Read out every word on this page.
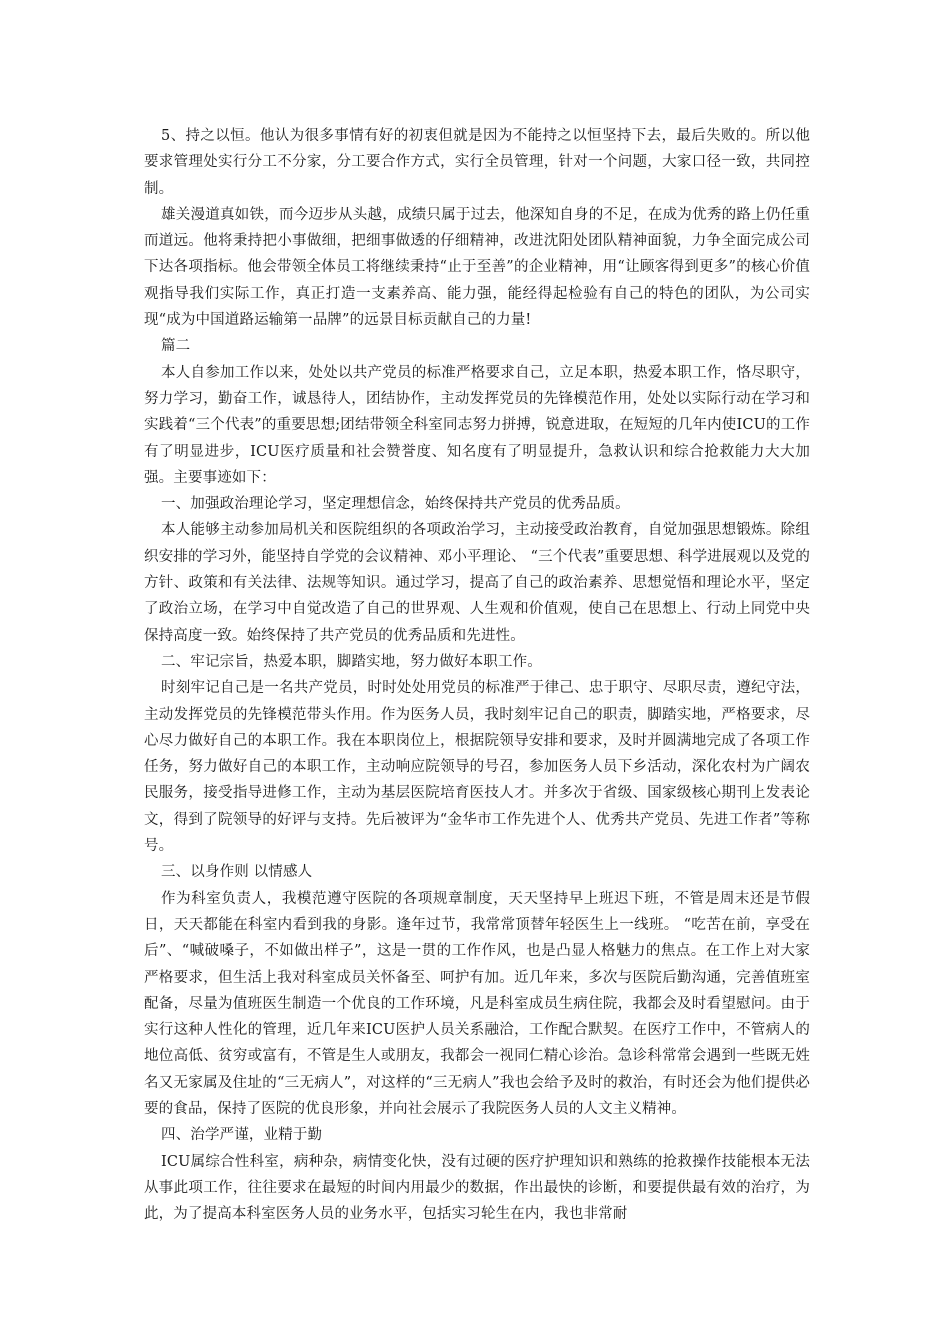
5、持之以恒。他认为很多事情有好的初衷但就是因为不能持之以恒坚持下去，最后失败的。所以他要求管理处实行分工不分家，分工要合作方式，实行全员管理，针对一个问题，大家口径一致，共同控制。

雄关漫道真如铁，而今迈步从头越，成绩只属于过去，他深知自身的不足，在成为优秀的路上仍任重而道远。他将秉持把小事做细，把细事做透的仔细精神，改进沈阳处团队精神面貌，力争全面完成公司下达各项指标。他会带领全体员工将继续秉持“止于至善”的企业精神，用“让顾客得到更多”的核心价值观指导我们实际工作，真正打造一支素养高、能力强，能经得起检验有自己的特色的团队，为公司实现“成为中国道路运输第一品牌”的远景目标贡献自己的力量!

篇二

本人自参加工作以来，处处以共产党员的标准严格要求自己，立足本职，热爱本职工作，恪尽职守，努力学习，勤奋工作，诚恳待人，团结协作，主动发挥党员的先锋模范作用，处处以实际行动在学习和实践着“三个代表”的重要思想;团结带领全科室同志努力拼搏，锐意进取，在短短的几年内使ICU的工作有了明显进步，ICU医疗质量和社会赞誉度、知名度有了明显提升，急救认识和综合抢救能力大大加强。主要事迹如下：

一、加强政治理论学习，坚定理想信念，始终保持共产党员的优秀品质。

本人能够主动参加局机关和医院组织的各项政治学习，主动接受政治教育，自觉加强思想锻炼。除组织安排的学习外，能坚持自学党的会议精神、邓小平理论、 “三个代表”重要思想、科学进展观以及党的方针、政策和有关法律、法规等知识。通过学习，提高了自己的政治素养、思想觉悟和理论水平，坚定了政治立场，在学习中自觉改造了自己的世界观、人生观和价值观，使自己在思想上、行动上同党中央保持高度一致。始终保持了共产党员的优秀品质和先进性。

二、牢记宗旨，热爱本职，脚踏实地，努力做好本职工作。

时刻牢记自己是一名共产党员，时时处处用党员的标准严于律己、忠于职守、尽职尽责，遵纪守法，主动发挥党员的先锋模范带头作用。作为医务人员，我时刻牢记自己的职责，脚踏实地，严格要求，尽心尽力做好自己的本职工作。我在本职岗位上，根据院领导安排和要求，及时并圆满地完成了各项工作任务，努力做好自己的本职工作，主动响应院领导的号召，参加医务人员下乡活动，深化农村为广阔农民服务，接受指导进修工作，主动为基层医院培育医技人才。并多次于省级、国家级核心期刊上发表论文，得到了院领导的好评与支持。先后被评为“金华市工作先进个人、优秀共产党员、先进工作者”等称号。

三、以身作则 以情感人

作为科室负责人，我模范遵守医院的各项规章制度，天天坚持早上班迟下班，不管是周末还是节假日，天天都能在科室内看到我的身影。逢年过节，我常常顶替年轻医生上一线班。 “吃苦在前，享受在后”、“喊破嗓子，不如做出样子”，这是一贯的工作作风，也是凸显人格魅力的焦点。在工作上对大家严格要求，但生活上我对科室成员关怀备至、呵护有加。近几年来，多次与医院后勤沟通，完善值班室配备，尽量为值班医生制造一个优良的工作环境，凡是科室成员生病住院，我都会及时看望慰问。由于实行这种人性化的管理，近几年来ICU医护人员关系融洽，工作配合默契。在医疗工作中，不管病人的地位高低、贫穷或富有，不管是生人或朋友，我都会一视同仁精心诊治。急诊科常常会遇到一些既无姓名又无家属及住址的“三无病人”，对这样的“三无病人”我也会给予及时的救治，有时还会为他们提供必要的食品，保持了医院的优良形象，并向社会展示了我院医务人员的人文主义精神。

四、治学严谨，业精于勤

ICU属综合性科室，病种杂，病情变化快，没有过硬的医疗护理知识和熟练的抢救操作技能根本无法从事此项工作，往往要求在最短的时间内用最少的数据，作出最快的诊断，和要提供最有效的治疗，为此，为了提高本科室医务人员的业务水平，包括实习轮生在内，我也非常耐
